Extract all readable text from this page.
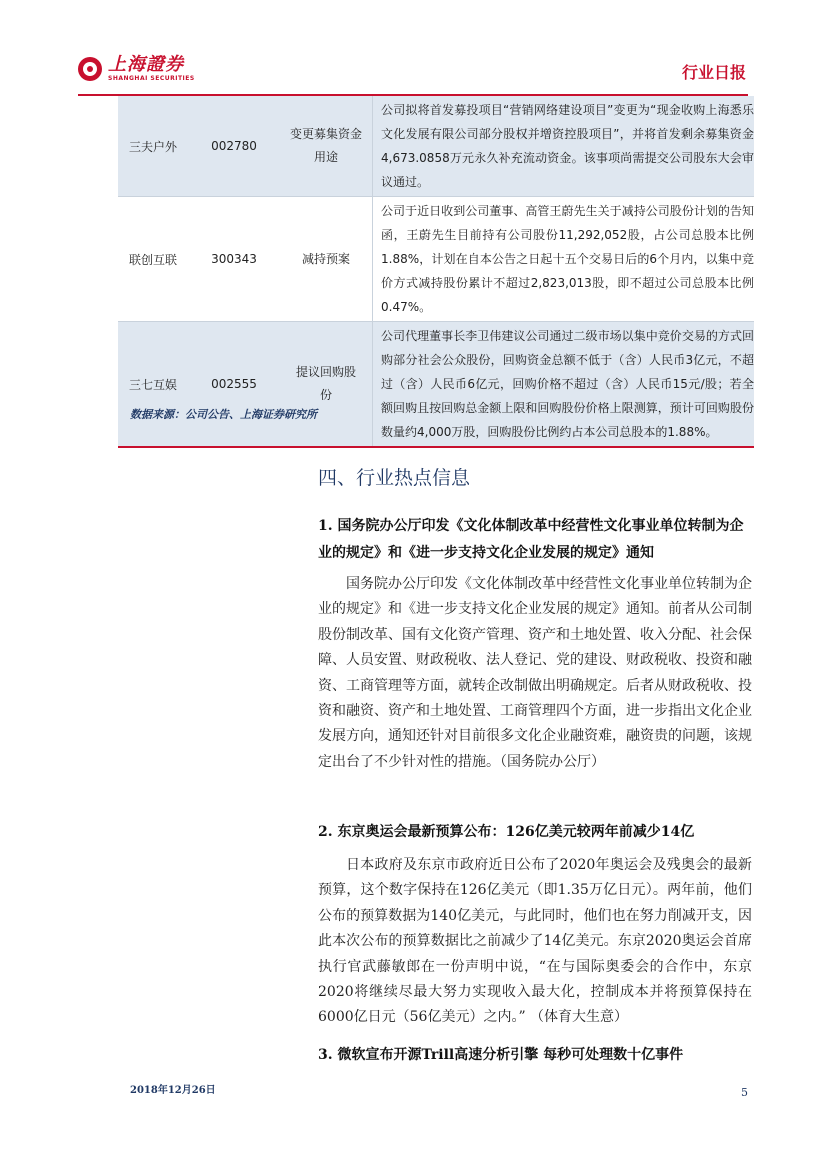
上海證券
SHANGHAI SECURITIES	行业日报
三夫户外	002780	变更募集资金用途	公司拟将首发募投项目“营销网络建设项目”变更为“现金收购上海悉乐文化发展有限公司部分股权并增资控股项目”，并将首发剩余募集资金4,673.0858万元永久补充流动资金。该事项尚需提交公司股东大会审议通过。
联创互联	300343	减持预案	公司于近日收到公司董事、高管王蔚先生关于减持公司股份计划的告知函，王蔚先生目前持有公司股份11,292,052股，占公司总股本比例1.88%，计划在自本公告之日起十五个交易日后的6个月内，以集中竞价方式减持股份累计不超过2,823,013股，即不超过公司总股本比例0.47%。
三七互娱	002555	提议回购股份	公司代理董事长李卫伟建议公司通过二级市场以集中竞价交易的方式回购部分社会公众股份，回购资金总额不低于（含）人民币3亿元，不超过（含）人民币6亿元，回购价格不超过（含）人民币15元/股；若全额回购且按回购总金额上限和回购股份价格上限测算，预计可回购股份数量约4,000万股，回购股份比例约占本公司总股本的1.88%。
数据来源：公司公告、上海证券研究所
四、行业热点信息
1. 国务院办公厅印发《文化体制改革中经营性文化事业单位转制为企业的规定》和《进一步支持文化企业发展的规定》通知
国务院办公厅印发《文化体制改革中经营性文化事业单位转制为企业的规定》和《进一步支持文化企业发展的规定》通知。前者从公司制股份制改革、国有文化资产管理、资产和土地处置、收入分配、社会保障、人员安置、财政税收、法人登记、党的建设、财政税收、投资和融资、工商管理等方面，就转企改制做出明确规定。后者从财政税收、投资和融资、资产和土地处置、工商管理四个方面，进一步指出文化企业发展方向，通知还针对目前很多文化企业融资难，融资贵的问题，该规定出台了不少针对性的措施。（国务院办公厅）
2. 东京奥运会最新预算公布：126亿美元较两年前减少14亿
日本政府及东京市政府近日公布了2020年奥运会及残奥会的最新预算，这个数字保持在126亿美元（即1.35万亿日元）。两年前，他们公布的预算数据为140亿美元，与此同时，他们也在努力削减开支，因此本次公布的预算数据比之前减少了14亿美元。东京2020奥运会首席执行官武藤敏郎在一份声明中说，“在与国际奥委会的合作中，东京2020将继续尽最大努力实现收入最大化，控制成本并将预算保持在6000亿日元（56亿美元）之内。” （体育大生意）
3. 微软宣布开源Trill高速分析引擎 每秒可处理数十亿事件
2018年12月26日	5
